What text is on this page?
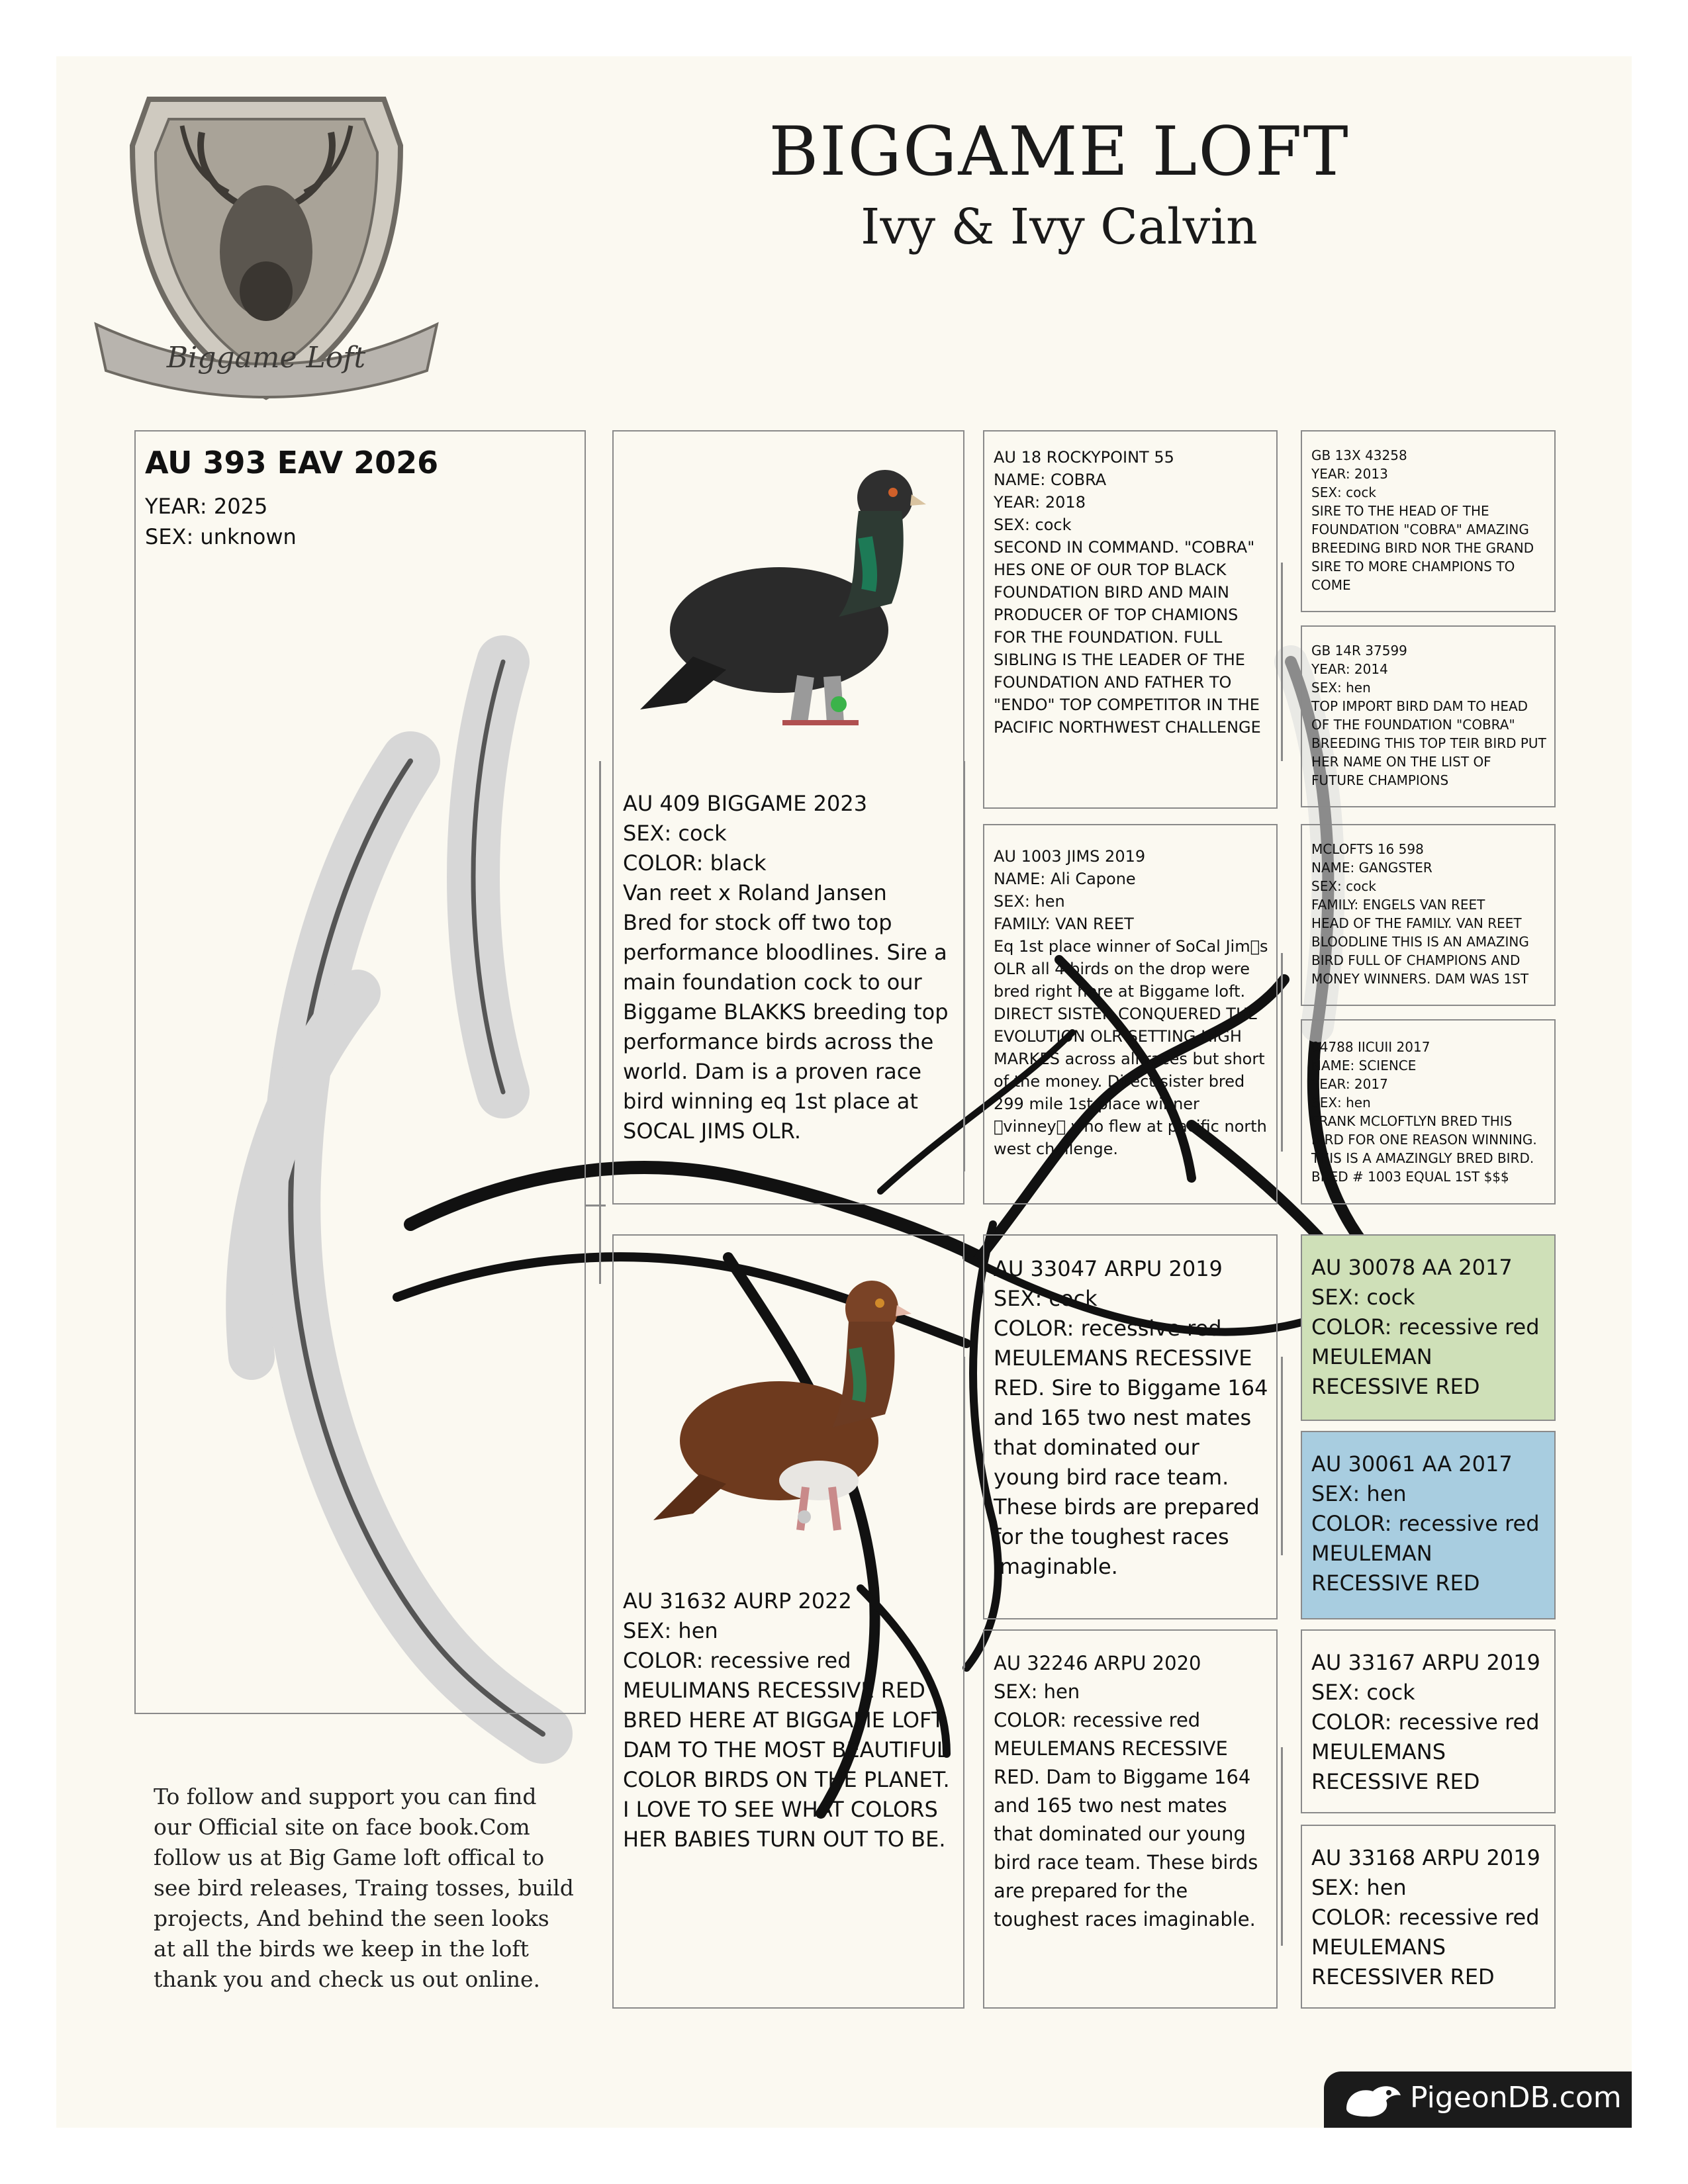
Biggame Loft
BIGGAME LOFT
Ivy & Ivy Calvin
AU 393 EAV 2026
YEAR: 2025
SEX: unknown
AU 409 BIGGAME 2023
SEX: cock
COLOR: black
Van reet x Roland Jansen
Bred for stock off two top performance bloodlines. Sire a main foundation cock to our Biggame BLAKKS breeding top performance birds across the world. Dam is a proven race bird winning eq 1st place at SOCAL JIMS OLR.
AU 31632 AURP 2022
SEX: hen
COLOR: recessive red
MEULIMANS RECESSIVE RED BRED HERE AT BIGGAME LOFT. DAM TO THE MOST BEAUTIFUL COLOR BIRDS ON THE PLANET. I LOVE TO SEE WHAT COLORS HER BABIES TURN OUT TO BE.
AU 18 ROCKYPOINT 55
NAME: COBRA
YEAR: 2018
SEX: cock
SECOND IN COMMAND. "COBRA" HES ONE OF OUR TOP BLACK FOUNDATION BIRD AND MAIN PRODUCER OF TOP CHAMIONS FOR THE FOUNDATION. FULL SIBLING IS THE LEADER OF THE FOUNDATION AND FATHER TO "ENDO" TOP COMPETITOR IN THE PACIFIC NORTHWEST CHALLENGE
AU 1003 JIMS 2019
NAME: Ali Capone
SEX: hen
FAMILY: VAN REET
Eq 1st place winner of SoCal Jim s OLR all 4 birds on the drop were bred right here at Biggame loft. DIRECT SISTER CONQUERED THE EVOLUTION OLR SETTING HIGH MARKES across all races but short of the money. Direct sister bred 299 mile 1st place winner  vinney  who flew at pacific north west challenge.
AU 33047 ARPU 2019
SEX: cock
COLOR: recessive red
MEULEMANS RECESSIVE RED. Sire to Biggame 164 and 165 two nest mates that dominated our young bird race team. These birds are prepared for the toughest races imaginable.
AU 32246 ARPU 2020
SEX: hen
COLOR: recessive red
MEULEMANS RECESSIVE RED. Dam to Biggame 164 and 165 two nest mates that dominated our young bird race team. These birds are prepared for the toughest races imaginable.
GB 13X 43258
YEAR: 2013
SEX: cock
SIRE TO THE HEAD OF THE FOUNDATION "COBRA" AMAZING BREEDING BIRD NOR THE GRAND SIRE TO MORE CHAMPIONS TO COME
GB 14R 37599
YEAR: 2014
SEX: hen
TOP IMPORT BIRD DAM TO HEAD OF THE FOUNDATION "COBRA" BREEDING THIS TOP TEIR BIRD PUT HER NAME ON THE LIST OF FUTURE CHAMPIONS
MCLOFTS 16 598
NAME: GANGSTER
SEX: cock
FAMILY: ENGELS VAN REET
HEAD OF THE FAMILY. VAN REET BLOODLINE THIS IS AN AMAZING BIRD FULL OF CHAMPIONS AND MONEY WINNERS. DAM WAS 1ST
04788 IICUII 2017
NAME: SCIENCE
YEAR: 2017
SEX: hen
FRANK MCLOFTLYN BRED THIS BIRD FOR ONE REASON WINNING. THIS IS A AMAZINGLY BRED BIRD. BRED # 1003 EQUAL 1ST $$$
AU 30078 AA 2017
SEX: cock
COLOR: recessive red
MEULEMAN RECESSIVE RED
AU 30061 AA 2017
SEX: hen
COLOR: recessive red
MEULEMAN RECESSIVE RED
AU 33167 ARPU 2019
SEX: cock
COLOR: recessive red
MEULEMANS RECESSIVE RED
AU 33168 ARPU 2019
SEX: hen
COLOR: recessive red
MEULEMANS RECESSIVER RED
To follow and support you can find
our Official site on face book.Com
follow us at Big Game loft offical to
see bird releases, Traing tosses, build
projects, And behind the seen looks
at all the birds we keep in the loft
thank you and check us out online.
PigeonDB.com
